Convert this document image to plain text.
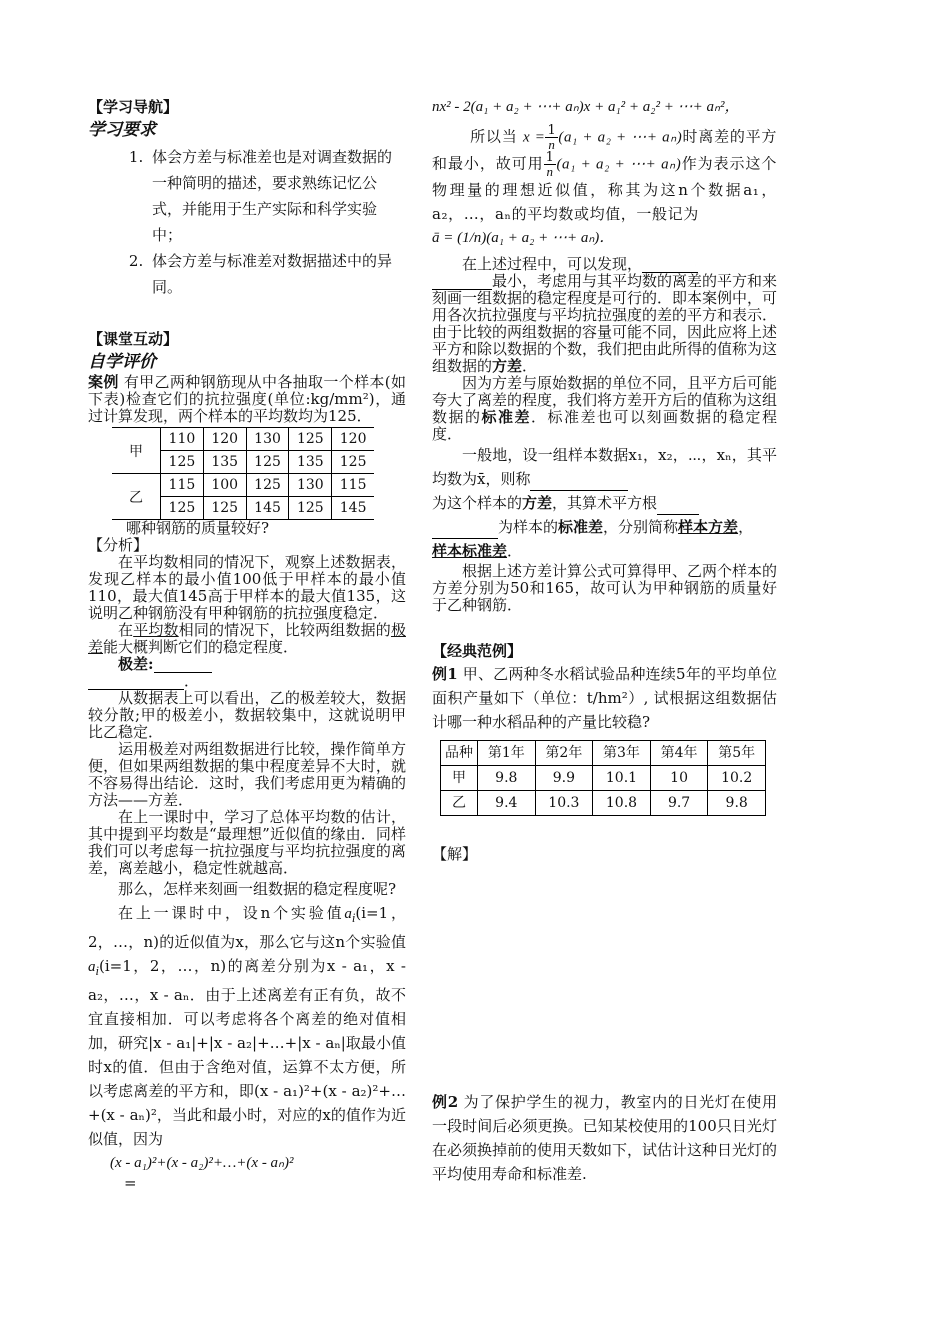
【学习导航】

学习要求

1. 体会方差与标准差也是对调查数据的一种简明的描述，要求熟练记忆公式，并能用于生产实际和科学实验中；
2. 体会方差与标准差对数据描述中的异同。

【课堂互动】

自学评价

案例 有甲乙两种钢筋现从中各抽取一个样本(如下表)检查它们的抗拉强度(单位:kg/mm²)，通过计算发现，两个样本的平均数均为125．

甲	110	120	130	125	120
	125	135	125	135	125
乙	115	100	125	130	115
	125	125	145	125	145

哪种钢筋的质量较好?

【分析】

在平均数相同的情况下，观察上述数据表，发现乙样本的最小值100低于甲样本的最小值110，最大值145高于甲样本的最大值135，这说明乙种钢筋没有甲种钢筋的抗拉强度稳定．

在平均数相同的情况下，比较两组数据的极差能大概判断它们的稳定程度．

极差:

．

从数据表上可以看出，乙的极差较大，数据较分散;甲的极差小，数据较集中，这就说明甲比乙稳定．

运用极差对两组数据进行比较，操作简单方便，但如果两组数据的集中程度差异不大时，就不容易得出结论．这时，我们考虑用更为精确的方法——方差．

在上一课时中，学习了总体平均数的估计，其中提到平均数是“最理想”近似值的缘由．同样我们可以考虑每一抗拉强度与平均抗拉强度的离差，离差越小，稳定性就越高．

那么，怎样来刻画一组数据的稳定程度呢?

在上一课时中，设n个实验值$a_i(i=1$，2，…，n)的近似值为x，那么它与这n个实验值$a_i(i=1$，2，…，n)的离差分别为x - a₁，x - a₂，…，x - aₙ．由于上述离差有正有负，故不宜直接相加．可以考虑将各个离差的绝对值相加，研究|x - a₁|+|x - a₂|+…+|x - aₙ|取最小值时x的值．但由于含绝对值，运算不太方便，所以考虑离差的平方和，即(x - a₁)²+(x - a₂)²+…+(x - aₙ)²，当此和最小时，对应的x的值作为近似值，因为

(x - a₁)²+(x - a₂)²+…+(x - aₙ)²

=

nx² - 2(a₁ + a₂ + ⋯+ aₙ)x + a₁² + a₂² + ⋯+ aₙ²，

所以当 $x = \frac{1}{n} (a_1 + a_2$ + ⋯+ aₙ)时离差的平方和最小，故可用 $\frac{1}{n} (a_1 + a_2$ + ⋯+ aₙ)作为表示这个物理量的理想近似值，称其为这n个数据a₁，a₂，…，aₙ的平均数或均值，一般记为

ā = (1/n)(a₁ + a₂ + ⋯+ aₙ)．

在上述过程中，可以发现，
最小，考虑用与其平均数的离差的平方和来刻画一组数据的稳定程度是可行的．即本案例中，可用各次抗拉强度与平均抗拉强度的差的平方和表示．由于比较的两组数据的容量可能不同，因此应将上述平方和除以数据的个数，我们把由此所得的值称为这组数据的方差．

因为方差与原始数据的单位不同，且平方后可能夸大了离差的程度，我们将方差开方后的值称为这组数据的标准差．标准差也可以刻画数据的稳定程度．

一般地，设一组样本数据x₁，x₂，⋯，xₙ，其平均数为x̄，则称
为这个样本的方差，其算术平方根
为样本的标准差，分别简称样本方差，
样本标准差．

根据上述方差计算公式可算得甲、乙两个样本的方差分别为50和165，故可认为甲种钢筋的质量好于乙种钢筋．

【经典范例】

例1 甲、乙两种冬水稻试验品种连续5年的平均单位面积产量如下（单位：t/hm²）, 试根据这组数据估计哪一种水稻品种的产量比较稳?

品种	第1年	第2年	第3年	第4年	第5年
甲	9.8	9.9	10.1	10	10.2
乙	9.4	10.3	10.8	9.7	9.8

【解】

例2 为了保护学生的视力，教室内的日光灯在使用一段时间后必须更换。已知某校使用的100只日光灯在必须换掉前的使用天数如下，试估计这种日光灯的平均使用寿命和标准差.
